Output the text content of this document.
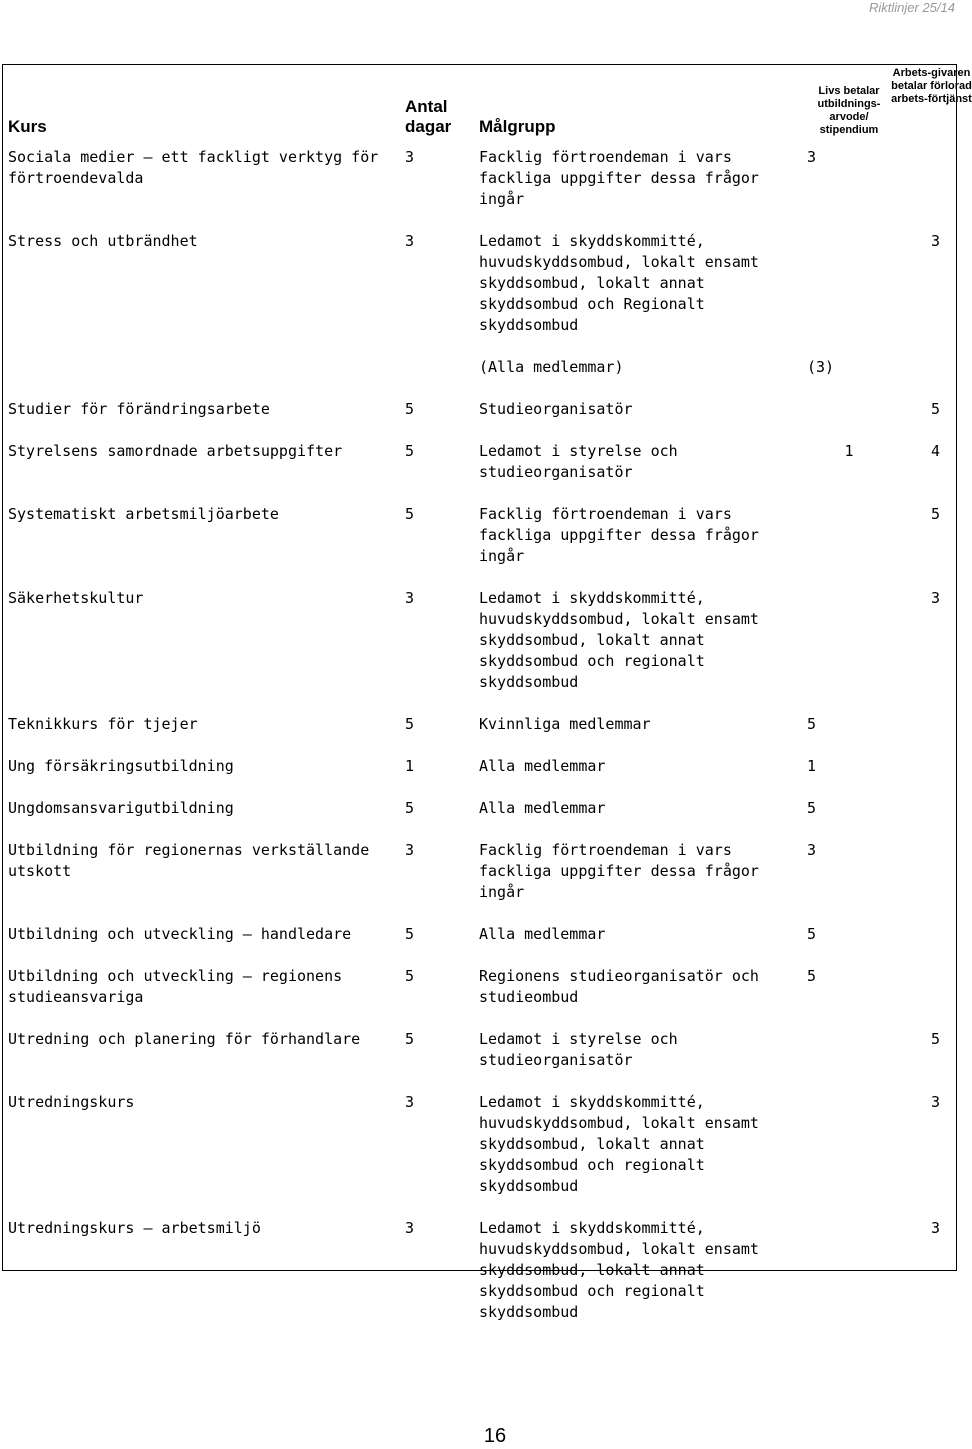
Riktlinjer 25/14
Kurs	Antal dagar	Målgrupp	Livs betalar utbildnings-arvode/ stipendium	Arbets-givaren betalar förlorad arbets-förtjänst
Sociala medier — ett fackligt verktyg för förtroendevalda	3	Facklig förtroendeman i vars fackliga uppgifter dessa frågor ingår	3	
Stress och utbrändhet	3	Ledamot i skyddskommitté, huvudskyddsombud, lokalt ensamt skyddsombud, lokalt annat skyddsombud och Regionalt skyddsombud		3
		(Alla medlemmar)	(3)	
Studier för förändringsarbete	5	Studieorganisatör		5
Styrelsens samordnade arbetsuppgifter	5	Ledamot i styrelse och studieorganisatör	1	4
Systematiskt arbetsmiljöarbete	5	Facklig förtroendeman i vars fackliga uppgifter dessa frågor ingår		5
Säkerhetskultur	3	Ledamot i skyddskommitté, huvudskyddsombud, lokalt ensamt skyddsombud, lokalt annat skyddsombud och regionalt skyddsombud		3
Teknikkurs för tjejer	5	Kvinnliga medlemmar	5	
Ung försäkringsutbildning	1	Alla medlemmar	1	
Ungdomsansvarigutbildning	5	Alla medlemmar	5	
Utbildning för regionernas verkställande utskott	3	Facklig förtroendeman i vars fackliga uppgifter dessa frågor ingår	3	
Utbildning och utveckling — handledare	5	Alla medlemmar	5	
Utbildning och utveckling — regionens studieansvariga	5	Regionens studieorganisatör och studieombud	5	
Utredning och planering för förhandlare	5	Ledamot i styrelse och studieorganisatör		5
Utredningskurs	3	Ledamot i skyddskommitté, huvudskyddsombud, lokalt ensamt skyddsombud, lokalt annat skyddsombud och regionalt skyddsombud		3
Utredningskurs — arbetsmiljö	3	Ledamot i skyddskommitté, huvudskyddsombud, lokalt ensamt skyddsombud, lokalt annat skyddsombud och regionalt skyddsombud		3
16
